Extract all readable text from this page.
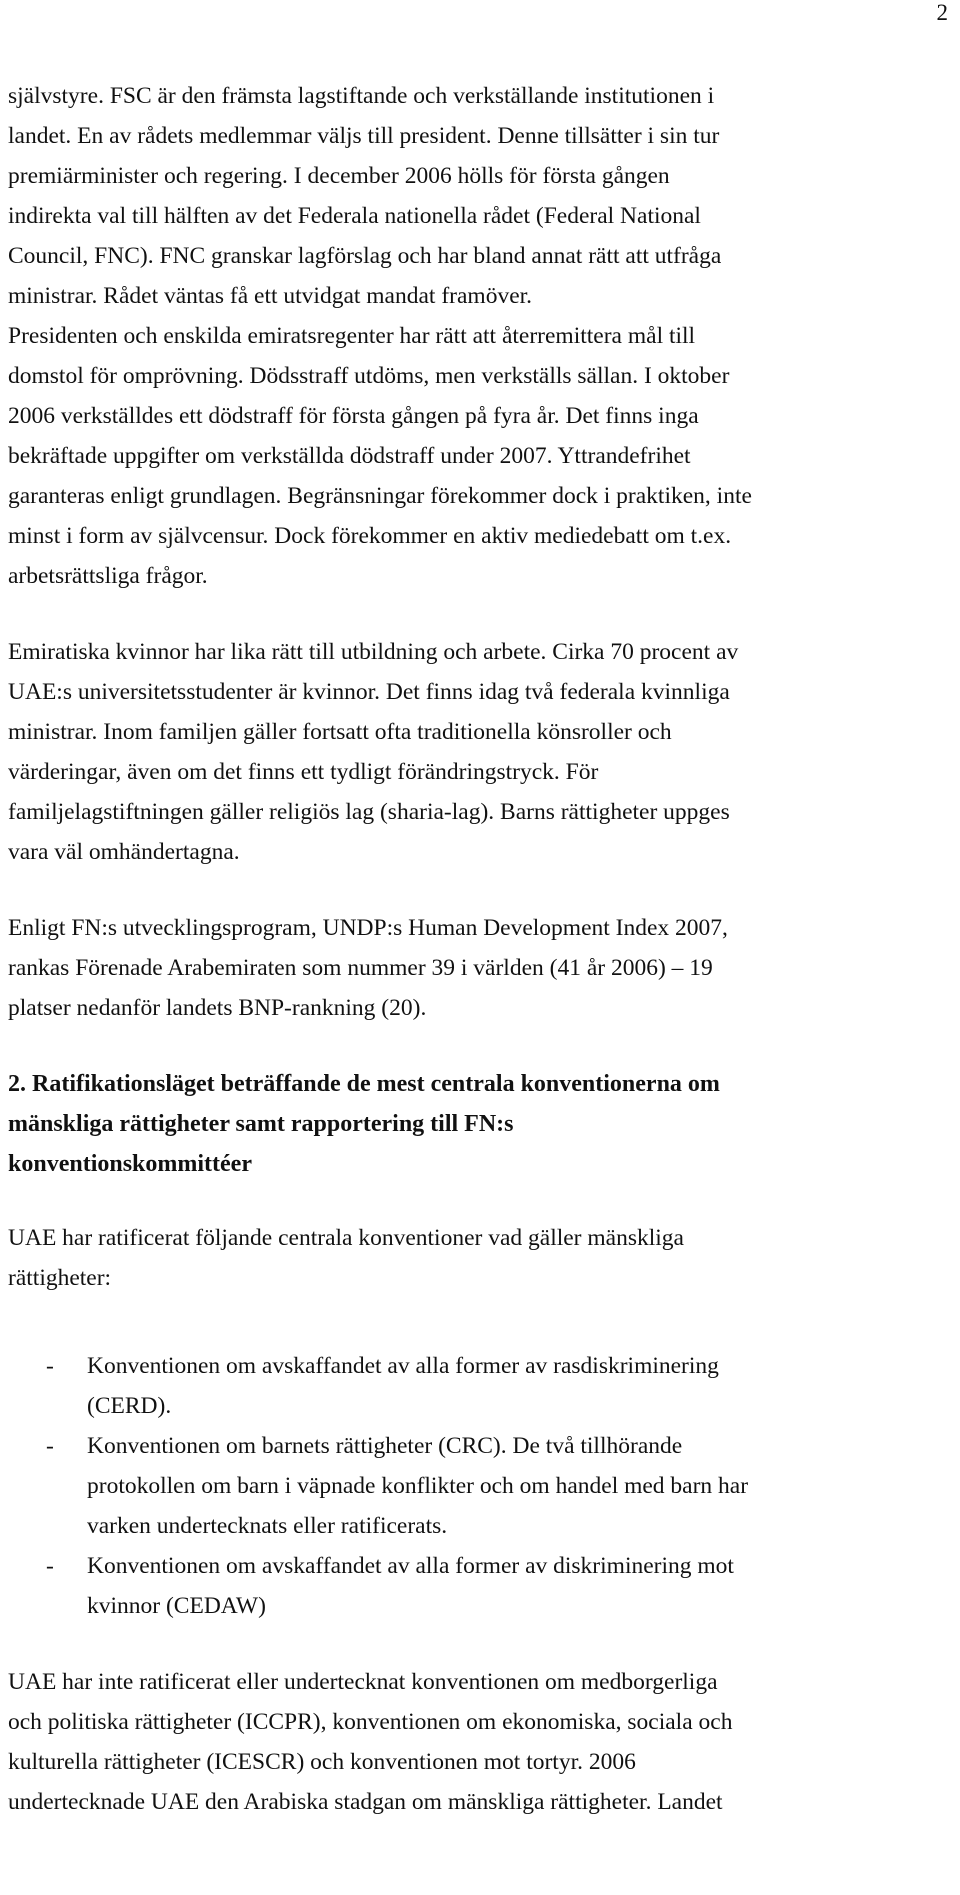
2
självstyre. FSC är den främsta lagstiftande och verkställande institutionen i
landet. En av rådets medlemmar väljs till president. Denne tillsätter i sin tur
premiärminister och regering. I december 2006 hölls för första gången
indirekta val till hälften av det Federala nationella rådet (Federal National
Council, FNC). FNC granskar lagförslag och har bland annat rätt att utfråga
ministrar. Rådet väntas få ett utvidgat mandat framöver.
Presidenten och enskilda emiratsregenter har rätt att återremittera mål till
domstol för omprövning. Dödsstraff utdöms, men verkställs sällan. I oktober
2006 verkställdes ett dödstraff för första gången på fyra år. Det finns inga
bekräftade uppgifter om verkställda dödstraff under 2007. Yttrandefrihet
garanteras enligt grundlagen. Begränsningar förekommer dock i praktiken, inte
minst i form av självcensur. Dock förekommer en aktiv mediedebatt om t.ex.
arbetsrättsliga frågor.
Emiratiska kvinnor har lika rätt till utbildning och arbete. Cirka 70 procent av
UAE:s universitetsstudenter är kvinnor. Det finns idag två federala kvinnliga
ministrar. Inom familjen gäller fortsatt ofta traditionella könsroller och
värderingar, även om det finns ett tydligt förändringstryck. För
familjelagstiftningen gäller religiös lag (sharia-lag). Barns rättigheter uppges
vara väl omhändertagna.
Enligt FN:s utvecklingsprogram, UNDP:s Human Development Index 2007,
rankas Förenade Arabemiraten som nummer 39 i världen (41 år 2006) – 19
platser nedanför landets BNP-rankning (20).
2. Ratifikationsläget beträffande de mest centrala konventionerna om
mänskliga rättigheter samt rapportering till FN:s
konventionskommittéer
UAE har ratificerat följande centrala konventioner vad gäller mänskliga
rättigheter:
- Konventionen om avskaffandet av alla former av rasdiskriminering
(CERD).
- Konventionen om barnets rättigheter (CRC). De två tillhörande
protokollen om barn i väpnade konflikter och om handel med barn har
varken undertecknats eller ratificerats.
- Konventionen om avskaffandet av alla former av diskriminering mot
kvinnor (CEDAW)
UAE har inte ratificerat eller undertecknat konventionen om medborgerliga
och politiska rättigheter (ICCPR), konventionen om ekonomiska, sociala och
kulturella rättigheter (ICESCR) och konventionen mot tortyr. 2006
undertecknade UAE den Arabiska stadgan om mänskliga rättigheter. Landet
